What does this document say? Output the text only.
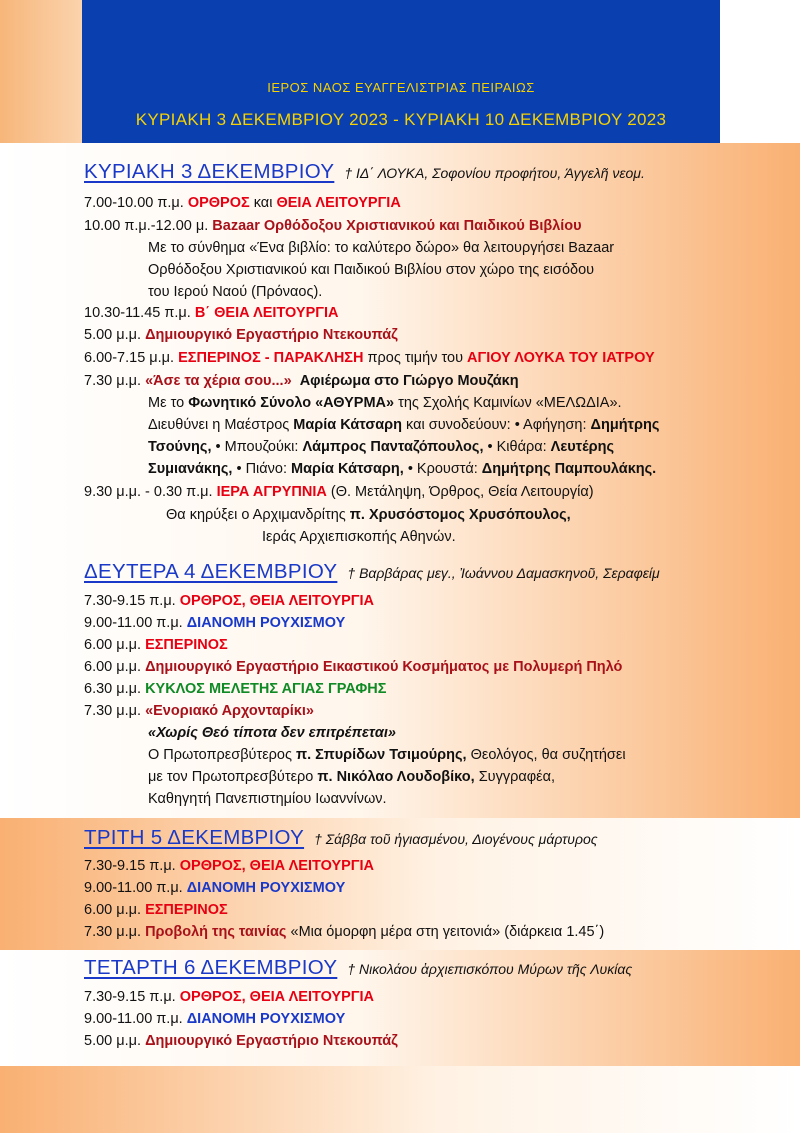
ΙΕΡΟΣ ΝΑΟΣ ΕΥΑΓΓΕΛΙΣΤΡΙΑΣ ΠΕΙΡΑΙΩΣ
ΚΥΡΙΑΚΗ 3 ΔΕΚΕΜΒΡΙΟΥ 2023 - ΚΥΡΙΑΚΗ 10 ΔΕΚΕΜΒΡΙΟΥ 2023
ΚΥΡΙΑΚΗ 3 ΔΕΚΕΜΒΡΙΟΥ † ΙΔ΄ ΛΟΥΚΑ, Σοφονίου προφήτου, Άγγελῆ νεομ.
7.00-10.00 π.μ. ΟΡΘΡΟΣ και ΘΕΙΑ ΛΕΙΤΟΥΡΓΙΑ
10.00 π.μ.-12.00 μ. Bazaar Ορθόδοξου Χριστιανικού και Παιδικού Βιβλίου
Με το σύνθημα «Ένα βιβλίο: το καλύτερο δώρο» θα λειτουργήσει Bazaar
Ορθόδοξου Χριστιανικού και Παιδικού Βιβλίου στον χώρο της εισόδου
του Ιερού Ναού (Πρόναος).
10.30-11.45 π.μ. Β΄ ΘΕΙΑ ΛΕΙΤΟΥΡΓΙΑ
5.00 μ.μ. Δημιουργικό Εργαστήριο Ντεκουπάζ
6.00-7.15 μ.μ. ΕΣΠΕΡΙΝΟΣ - ΠΑΡΑΚΛΗΣΗ προς τιμήν του ΑΓΙΟΥ ΛΟΥΚΑ ΤΟΥ ΙΑΤΡΟΥ
7.30 μ.μ. «Άσε τα χέρια σου...» Αφιέρωμα στο Γιώργο Μουζάκη
Με το Φωνητικό Σύνολο «ΑΘΥΡΜΑ» της Σχολής Καμινίων «ΜΕΛΩΔΙΑ».
Διευθύνει η Μαέστρος Μαρία Κάτσαρη και συνοδεύουν: • Αφήγηση: Δημήτρης
Τσούνης, • Μπουζούκι: Λάμπρος Πανταζόπουλος, • Κιθάρα: Λευτέρης
Συμιανάκης, • Πιάνο: Μαρία Κάτσαρη, • Κρουστά: Δημήτρης Παμπουλάκης.
9.30 μ.μ. - 0.30 π.μ. ΙΕΡΑ ΑΓΡΥΠΝΙΑ (Θ. Μετάληψη, Όρθρος, Θεία Λειτουργία)
Θα κηρύξει ο Αρχιμανδρίτης π. Χρυσόστομος Χρυσόπουλος,
Ιεράς Αρχιεπισκοπής Αθηνών.
ΔΕΥΤΕΡΑ 4 ΔΕΚΕΜΒΡΙΟΥ † Βαρβάρας μεγ., Ἰωάννου Δαμασκηνοῦ, Σεραφείμ
7.30-9.15 π.μ. ΟΡΘΡΟΣ, ΘΕΙΑ ΛΕΙΤΟΥΡΓΙΑ
9.00-11.00 π.μ. ΔΙΑΝΟΜΗ ΡΟΥΧΙΣΜΟΥ
6.00 μ.μ. ΕΣΠΕΡΙΝΟΣ
6.00 μ.μ. Δημιουργικό Εργαστήριο Εικαστικού Κοσμήματος με Πολυμερή Πηλό
6.30 μ.μ. ΚΥΚΛΟΣ ΜΕΛΕΤΗΣ ΑΓΙΑΣ ΓΡΑΦΗΣ
7.30 μ.μ. «Ενοριακό Αρχονταρίκι»
«Χωρίς Θεό τίποτα δεν επιτρέπεται»
Ο Πρωτοπρεσβύτερος π. Σπυρίδων Τσιμούρης, Θεολόγος, θα συζητήσει
με τον Πρωτοπρεσβύτερο π. Νικόλαο Λουδοβίκο, Συγγραφέα,
Καθηγητή Πανεπιστημίου Ιωαννίνων.
ΤΡΙΤΗ 5 ΔΕΚΕΜΒΡΙΟΥ † Σάββα τοῦ ἡγιασμένου, Διογένους μάρτυρος
7.30-9.15 π.μ. ΟΡΘΡΟΣ, ΘΕΙΑ ΛΕΙΤΟΥΡΓΙΑ
9.00-11.00 π.μ. ΔΙΑΝΟΜΗ ΡΟΥΧΙΣΜΟΥ
6.00 μ.μ. ΕΣΠΕΡΙΝΟΣ
7.30 μ.μ. Προβολή της ταινίας «Μια όμορφη μέρα στη γειτονιά» (διάρκεια 1.45΄)
ΤΕΤΑΡΤΗ 6 ΔΕΚΕΜΒΡΙΟΥ † Νικολάου ἀρχιεπισκόπου Μύρων τῆς Λυκίας
7.30-9.15 π.μ. ΟΡΘΡΟΣ, ΘΕΙΑ ΛΕΙΤΟΥΡΓΙΑ
9.00-11.00 π.μ. ΔΙΑΝΟΜΗ ΡΟΥΧΙΣΜΟΥ
5.00 μ.μ. Δημιουργικό Εργαστήριο Ντεκουπάζ
